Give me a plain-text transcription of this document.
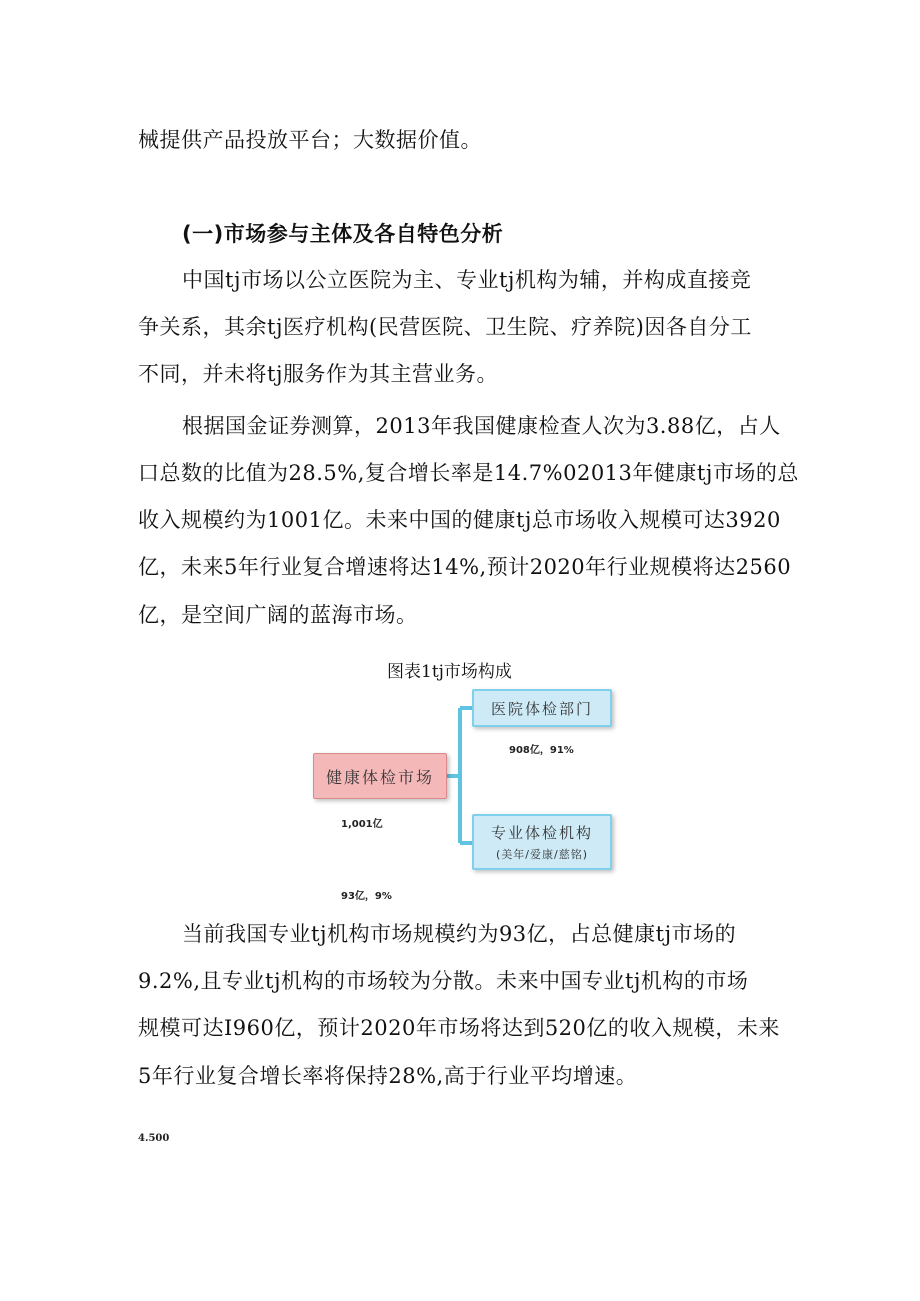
械提供产品投放平台；大数据价值。

(一)市场参与主体及各自特色分析

中国tj市场以公立医院为主、专业tj机构为辅，并构成直接竞

争关系，其余tj医疗机构(民营医院、卫生院、疗养院)因各自分工

不同，并未将tj服务作为其主营业务。

根据国金证券测算，2013年我国健康检查人次为3.88亿，占人

口总数的比值为28.5%,复合增长率是14.7%02013年健康tj市场的总

收入规模约为1001亿。未来中国的健康tj总市场收入规模可达3920

亿，未来5年行业复合增速将达14%,预计2020年行业规模将达2560

亿，是空间广阔的蓝海市场。

图表1tj市场构成
医院体检部门
908亿，91%
健康体检市场
1,001亿	专业体检机构
(美年/爱康/慈铭)
93亿，9%

当前我国专业tj机构市场规模约为93亿，占总健康tj市场的

9.2%,且专业tj机构的市场较为分散。未来中国专业tj机构的市场

规模可达I960亿，预计2020年市场将达到520亿的收入规模，未来

5年行业复合增长率将保持28%,高于行业平均增速。

4.500
